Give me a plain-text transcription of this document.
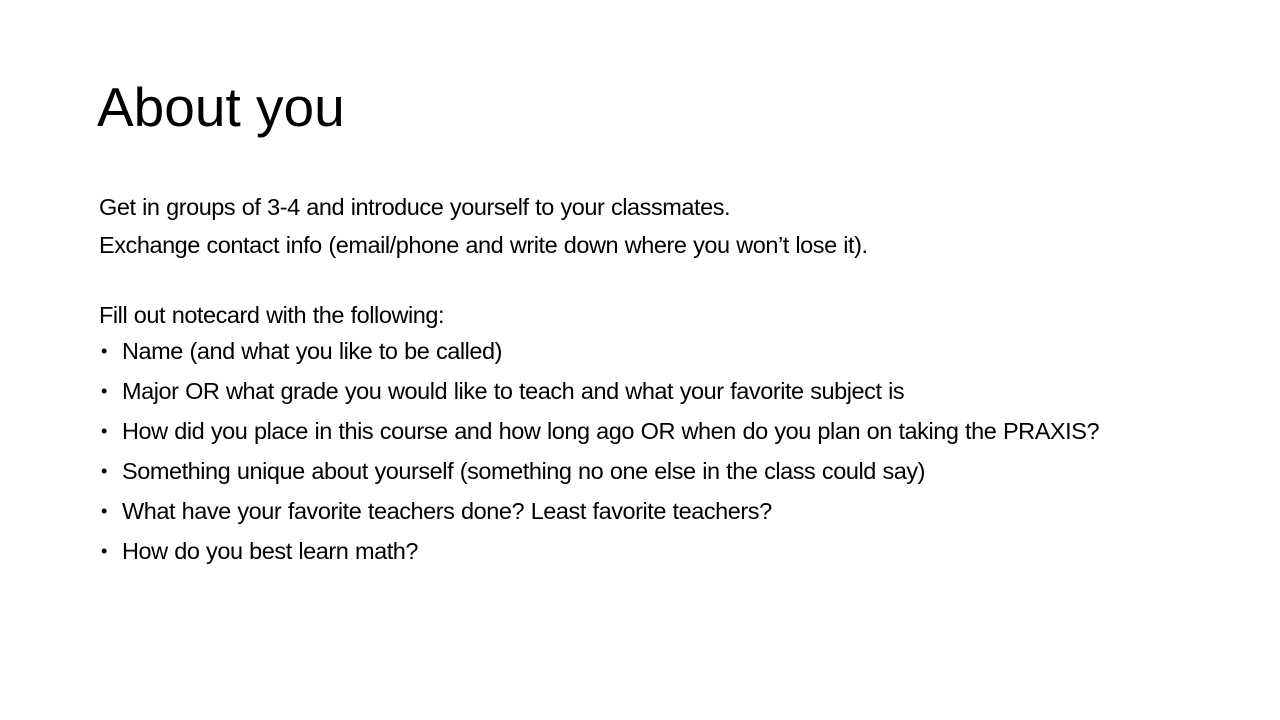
About you

Get in groups of 3-4 and introduce yourself to your classmates.

Exchange contact info (email/phone and write down where you won’t lose it).

Fill out notecard with the following:

• Name (and what you like to be called)
• Major OR what grade you would like to teach and what your favorite subject is
• How did you place in this course and how long ago OR when do you plan on taking the PRAXIS?
• Something unique about yourself (something no one else in the class could say)
• What have your favorite teachers done? Least favorite teachers?
• How do you best learn math?
